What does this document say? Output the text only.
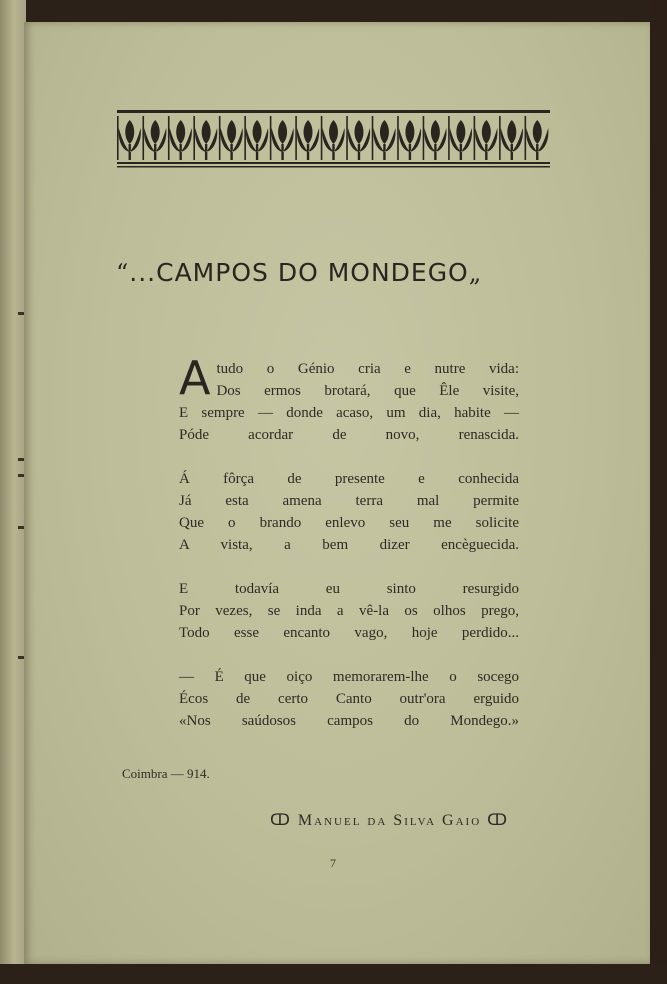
“...CAMPOS DO MONDEGO„
A tudo o Génio cria e nutre vida:
Dos ermos brotará, que Êle visite,
E sempre — donde acaso, um dia, habite —
Póde acordar de novo, renascida.
Á fôrça de presente e conhecida
Já esta amena terra mal permite
Que o brando enlevo seu me solicite
A vista, a bem dizer encèguecida.
E todavía eu sinto resurgido
Por vezes, se inda a vê-la os olhos prego,
Todo esse encanto vago, hoje perdido...
— É que oiço memorarem-lhe o socego
Écos de certo Canto outr'ora erguido
«Nos saúdosos campos do Mondego.»
Coimbra — 914.
ↀ Manuel da Silva Gaio ↀ
7
